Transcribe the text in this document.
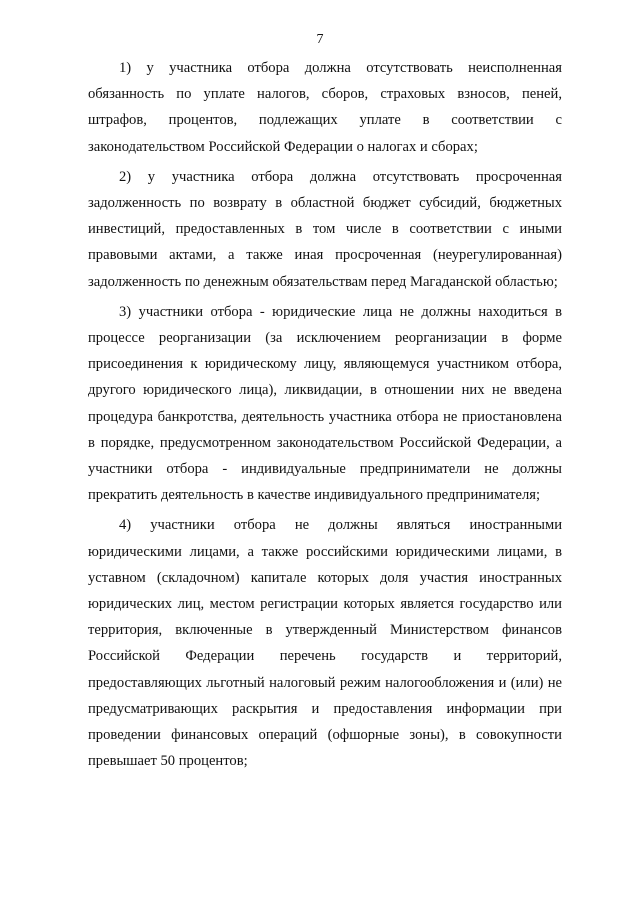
7

1) у участника отбора должна отсутствовать неисполненная обязанность по уплате налогов, сборов, страховых взносов, пеней, штрафов, процентов, подлежащих уплате в соответствии с законодательством Российской Федерации о налогах и сборах;

2) у участника отбора должна отсутствовать просроченная задолженность по возврату в областной бюджет субсидий, бюджетных инвестиций, предоставленных в том числе в соответствии с иными правовыми актами, а также иная просроченная (неурегулированная) задолженность по денежным обязательствам перед Магаданской областью;

3) участники отбора - юридические лица не должны находиться в процессе реорганизации (за исключением реорганизации в форме присоединения к юридическому лицу, являющемуся участником отбора, другого юридического лица), ликвидации, в отношении них не введена процедура банкротства, деятельность участника отбора не приостановлена в порядке, предусмотренном законодательством Российской Федерации, а участники отбора - индивидуальные предприниматели не должны прекратить деятельность в качестве индивидуального предпринимателя;

4) участники отбора не должны являться иностранными юридическими лицами, а также российскими юридическими лицами, в уставном (складочном) капитале которых доля участия иностранных юридических лиц, местом регистрации которых является государство или территория, включенные в утвержденный Министерством финансов Российской Федерации перечень государств и территорий, предоставляющих льготный налоговый режим налогообложения и (или) не предусматривающих раскрытия и предоставления информации при проведении финансовых операций (офшорные зоны), в совокупности превышает 50 процентов;
